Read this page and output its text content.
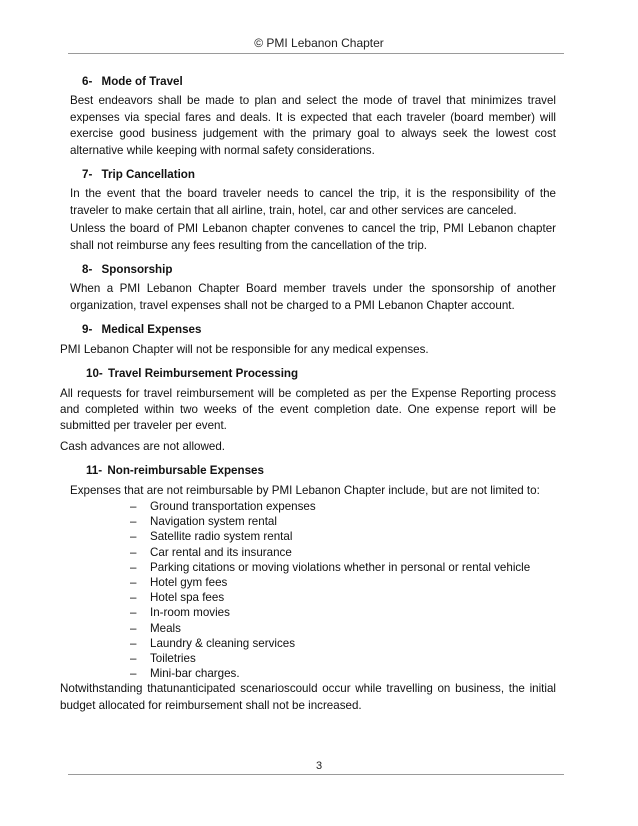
© PMI Lebanon Chapter
6- Mode of Travel

Best endeavors shall be made to plan and select the mode of travel that minimizes travel expenses via special fares and deals. It is expected that each traveler (board member) will exercise good business judgement with the primary goal to always seek the lowest cost alternative while keeping with normal safety considerations.

7- Trip Cancellation

In the event that the board traveler needs to cancel the trip, it is the responsibility of the traveler to make certain that all airline, train, hotel, car and other services are canceled.

Unless the board of PMI Lebanon chapter convenes to cancel the trip, PMI Lebanon chapter shall not reimburse any fees resulting from the cancellation of the trip.

8- Sponsorship

When a PMI Lebanon Chapter Board member travels under the sponsorship of another organization, travel expenses shall not be charged to a PMI Lebanon Chapter account.

9- Medical Expenses

PMI Lebanon Chapter will not be responsible for any medical expenses.

10- Travel Reimbursement Processing

All requests for travel reimbursement will be completed as per the Expense Reporting process and completed within two weeks of the event completion date. One expense report will be submitted per traveler per event.

Cash advances are not allowed.

11- Non-reimbursable Expenses

Expenses that are not reimbursable by PMI Lebanon Chapter include, but are not limited to:

– Ground transportation expenses
– Navigation system rental
– Satellite radio system rental
– Car rental and its insurance
– Parking citations or moving violations whether in personal or rental vehicle
– Hotel gym fees
– Hotel spa fees
– In-room movies
– Meals
– Laundry & cleaning services
– Toiletries
– Mini-bar charges.

Notwithstanding thatunanticipated scenarioscould occur while travelling on business, the initial budget allocated for reimbursement shall not be increased.

3
